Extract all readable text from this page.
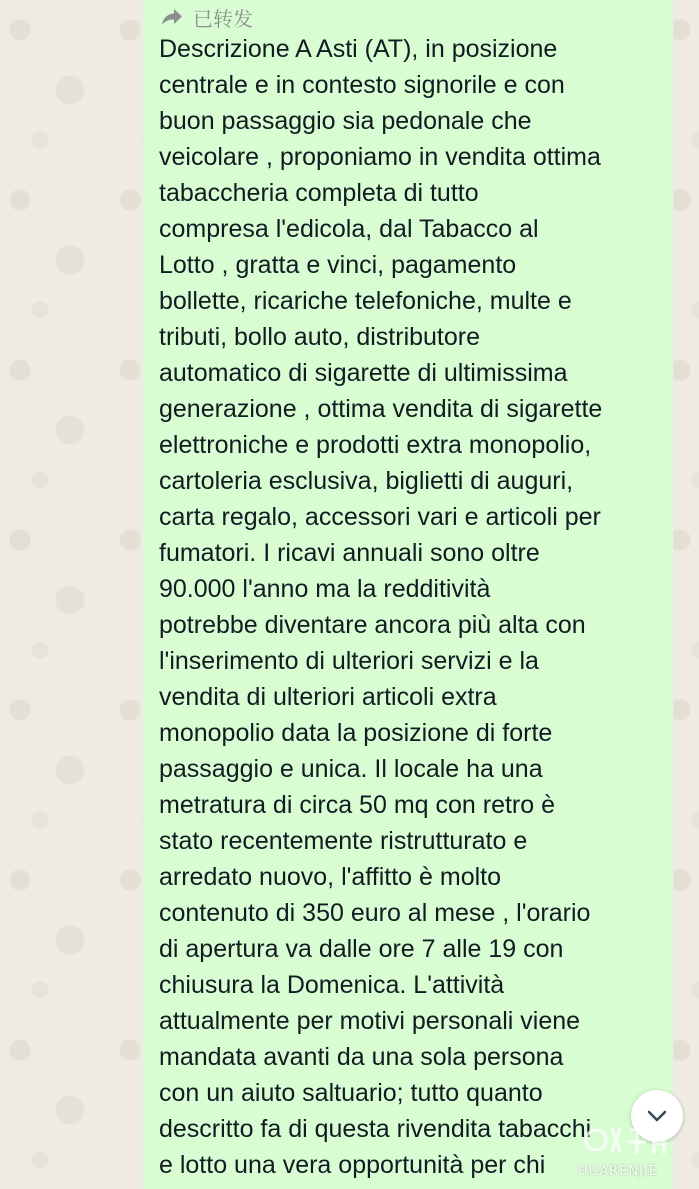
已转发

Descrizione A Asti (AT), in posizione
centrale e in contesto signorile e con
buon passaggio sia pedonale che
veicolare , proponiamo in vendita ottima
tabaccheria completa di tutto
compresa l'edicola, dal Tabacco al
Lotto , gratta e vinci, pagamento
bollette, ricariche telefoniche, multe e
tributi, bollo auto, distributore
automatico di sigarette di ultimissima
generazione , ottima vendita di sigarette
elettroniche e prodotti extra monopolio,
cartoleria esclusiva, biglietti di auguri,
carta regalo, accessori vari e articoli per
fumatori. I ricavi annuali sono oltre
90.000 l'anno ma la redditività
potrebbe diventare ancora più alta con
l'inserimento di ulteriori servizi e la
vendita di ulteriori articoli extra
monopolio data la posizione di forte
passaggio e unica. Il locale ha una
metratura di circa 50 mq con retro è
stato recentemente ristrutturato e
arredato nuovo, l'affitto è molto
contenuto di 350 euro al mese , l'orario
di apertura va dalle ore 7 alle 19 con
chiusura la Domenica. L'attività
attualmente per motivi personali viene
mandata avanti da una sola persona
con un aiuto saltuario; tutto quanto
descritto fa di questa rivendita tabacchi
e lotto una vera opportunità per chi	HUARENJIE
